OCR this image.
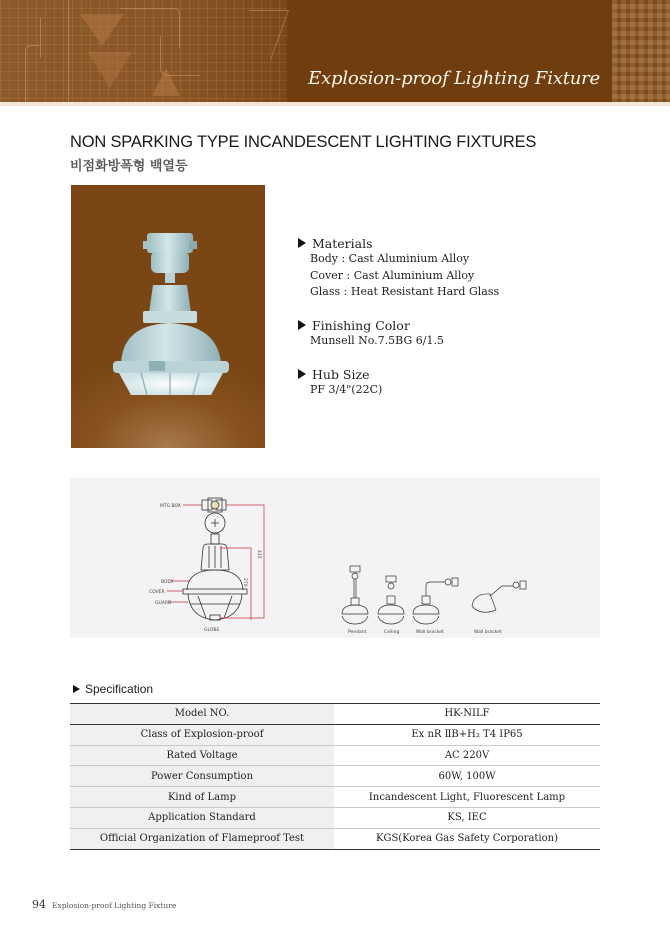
Explosion-proof Lighting Fixture
NON SPARKING TYPE INCANDESCENT LIGHTING FIXTURES
비점화방폭형 백열등
Materials
Body : Cast Aluminium Alloy
Cover : Cast Aluminium Alloy
Glass : Heat Resistant Hard Glass
Finishing Color
Munsell No.7.5BG 6/1.5
Hub Size
PF 3/4"(22C)
MTG BOX
BODY
COVER
GUARD
GLOBE
415
270
Pendant	Ceiling	Wall bracket	Wall bracket
Specification
Model NO.	HK-NILF
Class of Explosion-proof	Ex nR ⅡB+H₂ T4 IP65
Rated Voltage	AC 220V
Power Consumption	60W, 100W
Kind of Lamp	Incandescent Light, Fluorescent Lamp
Application Standard	KS, IEC
Official Organization of Flameproof Test	KGS(Korea Gas Safety Corporation)
94 Explosion-proof Lighting Fixture
